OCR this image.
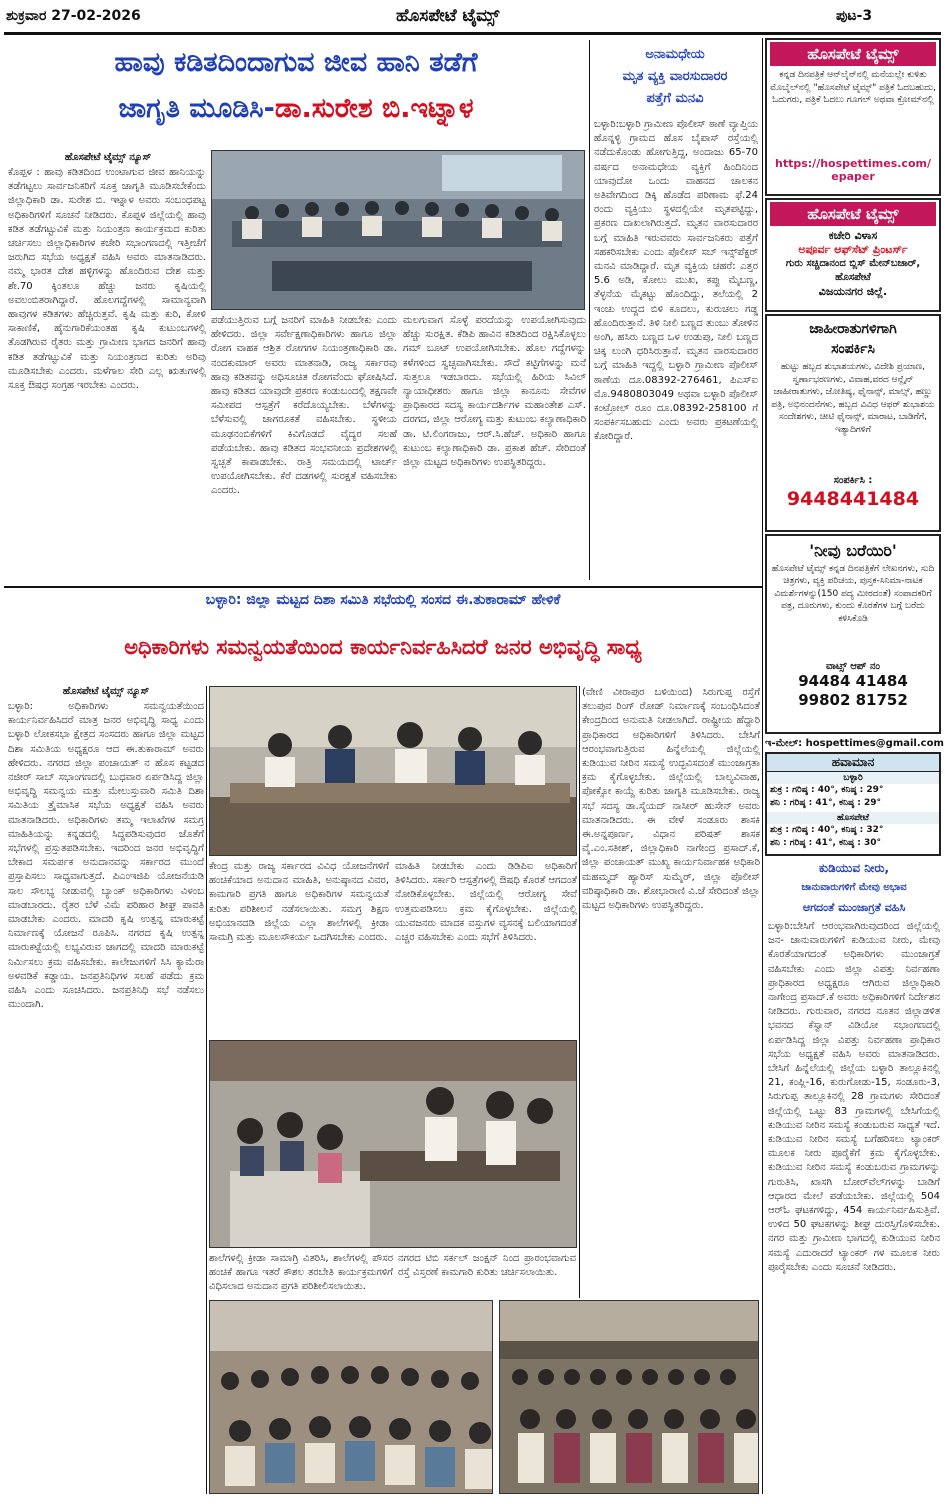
ಶುಕ್ರವಾರ 27-02-2026	ಹೊಸಪೇಟೆ ಟೈಮ್ಸ್	ಪುಟ-3
ಹಾವು ಕಡಿತದಿಂದಾಗುವ ಜೀವ ಹಾನಿ ತಡೆಗೆ
ಜಾಗೃತಿ ಮೂಡಿಸಿ-ಡಾ.ಸುರೇಶ ಬಿ.ಇಟ್ನಾಳ
ಹೊಸಪೇಟೆ ಟೈಮ್ಸ್ ನ್ಯೂಸ್
ಕೊಪ್ಪಳ : ಹಾವು ಕಡಿತದಿಂದ ಉಂಟಾಗುವ ಜೀವ ಹಾನಿಯನ್ನು ತಡೆಗಟ್ಟಲು ಸಾರ್ವಜನಿಕರಿಗೆ ಸೂಕ್ತ ಜಾಗೃತಿ ಮೂಡಿಸಬೇಕೆಂದು ಜಿಲ್ಲಾಧಿಕಾರಿ ಡಾ. ಸುರೇಶ ಬಿ. ಇಟ್ನಾಳ ಅವರು ಸಂಬಂಧಪಟ್ಟ ಅಧಿಕಾರಿಗಳಿಗೆ ಸೂಚನೆ ನೀಡಿದರು. ಕೊಪ್ಪಳ ಜಿಲ್ಲೆಯಲ್ಲಿ ಹಾವು ಕಡಿತ ತಡೆಗಟ್ಟುವಿಕೆ ಮತ್ತು ನಿಯಂತ್ರಣ ಕಾರ್ಯಕ್ರಮದ ಕುರಿತು ಚರ್ಚಿಸಲು ಜಿಲ್ಲಾಧಿಕಾರಿಗಳ ಕಚೇರಿ ಸಭಾಂಗಣದಲ್ಲಿ ಇತ್ತೀಚೆಗೆ ಜರುಗಿದ ಸಭೆಯ ಅಧ್ಯಕ್ಷತೆ ವಹಿಸಿ ಅವರು ಮಾತನಾಡಿದರು. ನಮ್ಮ ಭಾರತ ದೇಶ ಹಳ್ಳಿಗಳನ್ನು ಹೊಂದಿರುವ ದೇಶ ಮತ್ತು ಶೇ.70 ಕ್ಕಿಂತಲೂ ಹೆಚ್ಚು ಜನರು ಕೃಷಿಯಲ್ಲಿ ಅವಲಂಬಿತರಾಗಿದ್ದಾರೆ. ಹೊಲಗದ್ದೆಗಳಲ್ಲಿ ಸಾಮಾನ್ಯವಾಗಿ ಹಾವುಗಳ ಕಡಿತಗಳು ಹೆಚ್ಚಿರುತ್ತವೆ. ಕೃಷಿ ಮತ್ತು ಕುರಿ, ಕೋಳಿ ಸಾಕಾಣಿಕೆ, ಹೈನುಗಾರಿಕೆಯಂತಹ ಕೃಷಿ ಕುಟುಂಬಗಳಲ್ಲಿ ತೊಡಗಿರುವ ರೈತರು ಮತ್ತು ಗ್ರಾಮೀಣ ಭಾಗದ ಜನರಿಗೆ ಹಾವು ಕಡಿತ ತಡೆಗಟ್ಟುವಿಕೆ ಮತ್ತು ನಿಯಂತ್ರಣದ ಕುರಿತು ಅರಿವು ಮೂಡಿಸಬೇಕು ಎಂದರು. ಮಳೆಗಾಲ ಸೇರಿ ಎಲ್ಲ ಋತುಗಳಲ್ಲಿ ಸೂಕ್ತ ಔಷಧ ಸಂಗ್ರಹ ಇರಬೇಕು ಎಂದರು.
ಪಡೆಯುತ್ತಿರುವ ಬಗ್ಗೆ ಜನರಿಗೆ ಮಾಹಿತಿ ನೀಡಬೇಕು ಎಂದು ಹೇಳಿದರು. ಜಿಲ್ಲಾ ಸರ್ವೇಕ್ಷಣಾಧಿಕಾರಿಗಳು ಹಾಗೂ ಜಿಲ್ಲಾ ರೋಗ ವಾಹಕ ಆಶ್ರಿತ ರೋಗಗಳ ನಿಯಂತ್ರಣಾಧಿಕಾರಿ ಡಾ. ನಂದಕುಮಾರ್ ಅವರು ಮಾತನಾಡಿ, ರಾಜ್ಯ ಸರ್ಕಾರವು ಹಾವು ಕಡಿತವನ್ನು ಅಧಿಸೂಚಿತ ರೋಗವೆಂದು ಘೋಷಿಸಿದೆ. ಹಾವು ಕಡಿತದ ಯಾವುದೇ ಪ್ರಕರಣ ಕಂಡುಬಂದಲ್ಲಿ ತಕ್ಷಣವೇ ಸಮೀಪದ ಆಸ್ಪತ್ರೆಗೆ ಕರೆದೊಯ್ಯಬೇಕು. ಬೆಳೆಗಳನ್ನು ಬೆಳೆಸುವಲ್ಲಿ ಜಾಗರೂಕತೆ ವಹಿಸಬೇಕು. ಸ್ಥಳೀಯ ಮೂಢನಂಬಿಕೆಗಳಿಗೆ ಕಿವಿಗೊಡದೆ ವೈದ್ಯರ ಸಲಹೆ ಪಡೆಯಬೇಕು. ಹಾವು ಕಡಿತದ ಸಂಭವನೀಯ ಪ್ರದೇಶಗಳಲ್ಲಿ ಸ್ವಚ್ಛತೆ ಕಾಪಾಡಬೇಕು. ರಾತ್ರಿ ಸಮಯದಲ್ಲಿ ಟಾರ್ಚ್ ಉಪಯೋಗಿಸಬೇಕು. ಕೆರೆ ದಡಗಳಲ್ಲಿ ಸುರಕ್ಷತೆ ವಹಿಸಬೇಕು ಎಂದರು.
ಮಲಗುವಾಗ ಸೊಳ್ಳೆ ಪರದೆಯನ್ನು ಉಪಯೋಗಿಸುವುದು ಹೆಚ್ಚು ಸುರಕ್ಷಿತ. ಕೆಡಿಪಿ ಹಾವಿನ ಕಡಿತದಿಂದ ರಕ್ಷಿಸಿಕೊಳ್ಳಲು ಗಮ್ ಬೂಟ್ ಉಪಯೋಗಿಸಬೇಕು. ಹೊಲ ಗದ್ದೆಗಳನ್ನು ಕಳೆಗಳಿಂದ ಸ್ವಚ್ಛವಾಗಿಸಬೇಕು. ಸೌದೆ ಕಟ್ಟಿಗೆಗಳನ್ನು ಮನೆ ಸುತ್ತಲೂ ಇಡಬಾರದು. ಸಭೆಯಲ್ಲಿ ಹಿರಿಯ ಸಿವಿಲ್ ನ್ಯಾಯಾಧೀಶರು ಹಾಗೂ ಜಿಲ್ಲಾ ಕಾನೂನು ಸೇವೆಗಳ ಪ್ರಾಧಿಕಾರದ ಸದಸ್ಯ ಕಾರ್ಯದರ್ಶಿಗಳ ಮಹಾಂತೇಶ ಎಸ್. ದರಗದ, ಜಿಲ್ಲಾ ಆರೋಗ್ಯ ಮತ್ತು ಕುಟುಂಬ ಕಲ್ಯಾಣಾಧಿಕಾರಿ ಡಾ. ಟಿ.ಲಿಂಗರಾಜು, ಆರ್.ಸಿ.ಹೆಚ್. ಅಧಿಕಾರಿ ಹಾಗೂ ಕುಟುಂಬ ಕಲ್ಯಾಣಾಧಿಕಾರಿ ಡಾ. ಪ್ರಕಾಶ ಹೆಚ್. ಸೇರಿದಂತೆ ಜಿಲ್ಲಾ ಮಟ್ಟದ ಅಧಿಕಾರಿಗಳು ಉಪಸ್ಥಿತರಿದ್ದರು.
ಅನಾಮಧೇಯ
ಮೃತ ವ್ಯಕ್ತಿ ವಾರಸುದಾರರ
ಪತ್ತೆಗೆ ಮನವಿ
ಬಳ್ಳಾರಿ:ಬಳ್ಳಾರಿ ಗ್ರಾಮೀಣ ಪೊಲೀಸ್ ಠಾಣೆ ವ್ಯಾಪ್ತಿಯ ಹೊನ್ನಳ್ಳಿ ಗ್ರಾಮದ ಹೊಸ ಬೈಪಾಸ್ ರಸ್ತೆಯಲ್ಲಿ ನಡೆದುಕೊಂಡು ಹೋಗುತ್ತಿದ್ದ, ಅಂದಾಜು 65-70 ವರ್ಷದ ಅನಾಮಧೇಯ ವ್ಯಕ್ತಿಗೆ ಹಿಂದಿನಿಂದ ಯಾವುದೋ ಒಂದು ವಾಹನದ ಚಾಲಕನ ಅತಿವೇಗದಿಂದ ಡಿಕ್ಕಿ ಹೊಡೆದ ಪರಿಣಾಮ ಫೆ.24 ರಂದು ವ್ಯಕ್ತಿಯು ಸ್ಥಳದಲ್ಲಿಯೇ ಮೃತಪಟ್ಟಿದ್ದು, ಪ್ರಕರಣ ದಾಖಲಾಗಿರುತ್ತದೆ. ಮೃತನ ವಾರಸುದಾರರ ಬಗ್ಗೆ ಮಾಹಿತಿ ಇರುವವರು ಸಾರ್ವಜನಿಕರು ಪತ್ತೆಗೆ ಸಹಕರಿಸಬೇಕು ಎಂದು ಪೊಲೀಸ್ ಸಬ್ ಇನ್ಸ್‌ಪೆಕ್ಟರ್ ಮನವಿ ಮಾಡಿದ್ದಾರೆ. ಮೃತ ವ್ಯಕ್ತಿಯ ಚಹರೆ: ಎತ್ತರ 5.6 ಅಡಿ, ಕೋಲು ಮುಖ, ಕಪ್ಪು ಮೈಬಣ್ಣ, ತೆಳ್ಳನೆಯ ಮೈಕಟ್ಟು ಹೊಂದಿದ್ದು, ತಲೆಯಲ್ಲಿ 2 ಇಂಚು ಉದ್ದದ ಬಿಳಿ ಕೂದಲು, ಕುರುಚಲು ಗಡ್ಡ ಹೊಂದಿರುತ್ತಾನೆ. ತಿಳಿ ನೀಲಿ ಬಣ್ಣದ ತುಂಬು ತೋಳಿನ ಅಂಗಿ, ಹಸಿರು ಬಣ್ಣದ ಒಳ ಉಡುಪು, ನೀಲಿ ಬಣ್ಣದ ಚಿಕ್ಕ ಲುಂಗಿ ಧರಿಸಿರುತ್ತಾನೆ. ಮೃತನ ವಾರಸುದಾರರ ಬಗ್ಗೆ ಮಾಹಿತಿ ಇದ್ದಲ್ಲಿ ಬಳ್ಳಾರಿ ಗ್ರಾಮೀಣ ಪೊಲೀಸ್ ಠಾಣೆಯ ದೂ.08392-276461, ಪಿಎಸ್‌ಐ ಮೊ.9480803049 ಅಥವಾ ಬಳ್ಳಾರಿ ಪೊಲೀಸ್ ಕಂಟ್ರೋಲ್ ರೂಂ ದೂ.08392-258100 ಗೆ ಸಂಪರ್ಕಿಸಬಹುದು ಎಂದು ಅವರು ಪ್ರಕಟಣೆಯಲ್ಲಿ ಕೋರಿದ್ದಾರೆ.
ಹೊಸಪೇಟೆ ಟೈಮ್ಸ್
ಕನ್ನಡ ದಿನಪತ್ರಿಕೆ ಆನ್‌ಲೈನ್‌ನಲ್ಲಿ ಮನೆಯಲ್ಲೇ ಕುಳಿತು ಮೊಬೈಲ್‌ನಲ್ಲಿ "ಹೊಸಪೇಟೆ ಟೈಮ್ಸ್" ಪತ್ರಿಕೆ ಓದಬಹುದು, ಓದುಗರು, ಪತ್ರಿಕೆ ಓದಲು ಗೂಗಲ್ ಅಥವಾ ಕ್ರೋಮ್‌ನಲ್ಲಿ
https://hospettimes.com/
epaper
ಹೊಸಪೇಟೆ ಟೈಮ್ಸ್
ಕಚೇರಿ ವಿಳಾಸ
ಅಪೂರ್ವ ಆಫ್‌ಸೆಟ್ ಪ್ರಿಂಟರ್ಸ್
ಗುರು ಸಚ್ಚಿದಾನಂದ ಬ್ಲಿಸ್ ಮೇನ್‌ಬಜಾರ್, ಹೊಸಪೇಟೆ
ವಿಜಯನಗರ ಜಿಲ್ಲೆ.
ಜಾಹೀರಾತುಗಳಿಗಾಗಿ
ಸಂಪರ್ಕಿಸಿ
ಹುಟ್ಟು ಹಬ್ಬದ ಶುಭಾಶಯಗಳು, ವಿದೇಶಿ ಪ್ರಯಾಣ, ಸ್ವರ್ಣಾಭರಣಗಳು, ವಿವಾಹ,ವರದ ಆನ್ಲೈನ್ ಜಾಹೀರಾತುಗಳು, ಜೋತಿಷ್ಯ, ಫೈನಾನ್ಸ್, ಮಾಲ್ಸ್, ಹಣ್ಣು ಪತ್ರಿ, ಅಭಿನಂದನೆಗಳು, ಹಬ್ಬದ ವಿವಿಧ ಆಫರ್ ಶುಭಾಶಯ ಸಂದೇಶಗಳು, ಚೀಟಿ ಫೈನಾನ್ಸ್, ಮಾರಾಟ, ಬಾಡಿಗೆಗೆ, ಇತ್ಯಾದಿಗಳಿಗೆ
ಸಂಪರ್ಕಿಸಿ :
9448441484
'ನೀವು ಬರೆಯಿರಿ'
ಹೊಸಪೇಟೆ ಟೈಮ್ಸ್ ಕನ್ನಡ ದಿನಪತ್ರಿಕೆಗೆ ಲೇಖನಗಳು, ಸುದಿ ಚಿತ್ರಗಳು, ವ್ಯಕ್ತಿ ಪರಿಚಯ, ಪುಸ್ತಕ-ಸಿನಿಮಾ-ನಾಟಕ ವಿಮರ್ಶೆಗಳನ್ನು(150 ಪದ್ಯ ಮೀರದಂತೆ) ಸಂಪಾದಕರಿಗೆ ಪತ್ರ, ದೂರುಗಳು, ಕುಂದು ಕೊರತೆಗಳ ಬಗ್ಗೆ ಬರೆದು ಕಳಿಸಿಕೊಡಿ
ವಾಟ್ಸ್ ಆಪ್ ನಂ
94484 41484
99802 81752
ಇ-ಮೇಲ್: hospettimes@gmail.com
ಹವಾಮಾನ
ಬಳ್ಳಾರಿ
ಶುಕ್ರ : ಗರಿಷ್ಠ : 40°, ಕನಿಷ್ಠ : 29°
ಶನಿ : ಗರಿಷ್ಠ : 41°, ಕನಿಷ್ಠ : 29°
ಹೊಸಪೇಟೆ
ಶುಕ್ರ : ಗರಿಷ್ಠ : 40°, ಕನಿಷ್ಠ : 32°
ಶನಿ : ಗರಿಷ್ಠ : 41°, ಕನಿಷ್ಠ : 30°
ಕುಡಿಯುವ ನೀರು,
ಜಾನುವಾರುಗಳಿಗೆ ಮೇವು ಅಭಾವ
ಆಗದಂತೆ ಮುಂಜಾಗ್ರತೆ ವಹಿಸಿ
ಬಳ್ಳಾರಿ:ಬೇಸಿಗೆ ಆರಂಭವಾಗಿರುವುದರಿಂದ ಜಿಲ್ಲೆಯಲ್ಲಿ ಜನ- ಜಾನುವಾರುಗಳಿಗೆ ಕುಡಿಯುವ ನೀರು, ಮೇವು ಕೊರತೆಯಾಗದಂತೆ ಅಧಿಕಾರಿಗಳು ಮುಂಜಾಗ್ರತೆ ವಹಿಸಬೇಕು ಎಂದು ಜಿಲ್ಲಾ ವಿಪತ್ತು ನಿರ್ವಹಣಾ ಪ್ರಾಧಿಕಾರದ ಅಧ್ಯಕ್ಷರೂ ಆಗಿರುವ ಜಿಲ್ಲಾಧಿಕಾರಿ ನಾಗೇಂದ್ರ ಪ್ರಸಾದ್.ಕೆ ಅವರು ಅಧಿಕಾರಿಗಳಿಗೆ ನಿರ್ದೇಶನ ನೀಡಿದರು. ಗುರುವಾರ, ನಗರದ ನೂತನ ಜಿಲ್ಲಾಡಳಿತ ಭವನದ ಕೆಸ್ವಾನ್ ವಿಡಿಯೋ ಸಭಾಂಗಣದಲ್ಲಿ ಏರ್ಪಡಿಸಿದ್ದ ಜಿಲ್ಲಾ ವಿಪತ್ತು ನಿರ್ವಹಣಾ ಪ್ರಾಧಿಕಾರ ಸಭೆಯ ಅಧ್ಯಕ್ಷತೆ ವಹಿಸಿ ಅವರು ಮಾತನಾಡಿದರು. ಬೇಸಿಗೆ ಹಿನ್ನೆಲೆಯಲ್ಲಿ ಜಿಲ್ಲೆಯ ಬಳ್ಳಾರಿ ತಾಲ್ಲೂಕಿನಲ್ಲಿ 21, ಕಂಪ್ಲಿ-16, ಕುರುಗೋಡು-15, ಸಂಡೂರು-3, ಸಿರುಗುಪ್ಪ ತಾಲ್ಲೂಕಿನಲ್ಲಿ 28 ಗ್ರಾಮಗಳು ಸೇರಿದಂತೆ ಜಿಲ್ಲೆಯಲ್ಲಿ ಒಟ್ಟು 83 ಗ್ರಾಮಗಳಲ್ಲಿ ಬೇಸಿಗೆಯಲ್ಲಿ ಕುಡಿಯುವ ನೀರಿನ ಸಮಸ್ಯೆ ಕಂಡುಬರುವ ಸಾಧ್ಯತೆ ಇದೆ. ಕುಡಿಯುವ ನೀರಿನ ಸಮಸ್ಯೆ ಬಗೆಹರಿಸಲು ಟ್ಯಾಂಕರ್ ಮೂಲಕ ನೀರು ಪೂರೈಕೆಗೆ ಕ್ರಮ ಕೈಗೊಳ್ಳಬೇಕು. ಕುಡಿಯುವ ನೀರಿನ ಸಮಸ್ಯೆ ಕಂಡುಬರುವ ಗ್ರಾಮಗಳನ್ನು ಗುರುತಿಸಿ, ಖಾಸಗಿ ಬೋರ್‌ವೆಲ್‌ಗಳನ್ನು ಬಾಡಿಗೆ ಆಧಾರದ ಮೇಲೆ ಪಡೆಯಬೇಕು. ಜಿಲ್ಲೆಯಲ್ಲಿ 504 ಆರ್‌ಓ ಘಟಕಗಳಿದ್ದು, 454 ಕಾರ್ಯನಿರ್ವಹಿಸುತ್ತಿವೆ. ಉಳಿದ 50 ಘಟಕಗಳನ್ನು ಶೀಘ್ರ ದುರಸ್ತಿಗೊಳಿಸಬೇಕು. ನಗರ ಮತ್ತು ಗ್ರಾಮೀಣ ಭಾಗದಲ್ಲಿ ಕುಡಿಯುವ ನೀರಿನ ಸಮಸ್ಯೆ ಎದುರಾದರೆ ಟ್ಯಾಂಕರ್ ಗಳ ಮೂಲಕ ನೀರು ಪೂರೈಸಬೇಕು ಎಂದು ಸೂಚನೆ ನೀಡಿದರು.
ಬಳ್ಳಾರಿ: ಜಿಲ್ಲಾ ಮಟ್ಟದ ದಿಶಾ ಸಮಿತಿ ಸಭೆಯಲ್ಲಿ ಸಂಸದ ಈ.ತುಕಾರಾಮ್ ಹೇಳಿಕೆ
ಅಧಿಕಾರಿಗಳು ಸಮನ್ವಯತೆಯಿಂದ ಕಾರ್ಯನಿರ್ವಹಿಸಿದರೆ ಜನರ ಅಭಿವೃದ್ಧಿ ಸಾಧ್ಯ
ಹೊಸಪೇಟೆ ಟೈಮ್ಸ್ ನ್ಯೂಸ್
ಬಳ್ಳಾರಿ: ಅಧಿಕಾರಿಗಳು ಸಮನ್ವಯತೆಯಿಂದ ಕಾರ್ಯನಿರ್ವಹಿಸಿದರೆ ಮಾತ್ರ ಜನರ ಅಭಿವೃದ್ಧಿ ಸಾಧ್ಯ ಎಂದು ಬಳ್ಳಾರಿ ಲೋಕಸಭಾ ಕ್ಷೇತ್ರದ ಸಂಸದರು ಹಾಗೂ ಜಿಲ್ಲಾ ಮಟ್ಟದ ದಿಶಾ ಸಮಿತಿಯ ಅಧ್ಯಕ್ಷರೂ ಆದ ಈ.ತುಕಾರಾಮ್ ಅವರು ಹೇಳಿದರು. ನಗರದ ಜಿಲ್ಲಾ ಪಂಚಾಯತ್ ನ ಹೊಸ ಕಟ್ಟಡದ ನಜೀರ್ ಸಾಬ್ ಸಭಾಂಗಣದಲ್ಲಿ ಬುಧವಾರ ಏರ್ಪಡಿಸಿದ್ದ ಜಿಲ್ಲಾ ಅಭಿವೃದ್ಧಿ ಸಮನ್ವಯ ಮತ್ತು ಮೇಲುಸ್ತುವಾರಿ ಸಮಿತಿ ದಿಶಾ ಸಮಿತಿಯ ತ್ರೈಮಾಸಿಕ ಸಭೆಯ ಅಧ್ಯಕ್ಷತೆ ವಹಿಸಿ ಅವರು ಮಾತನಾಡಿದರು. ಅಧಿಕಾರಿಗಳು ತಮ್ಮ ಇಲಾಖೆಗಳ ಸಮಗ್ರ ಮಾಹಿತಿಯನ್ನು ಕನ್ನಡದಲ್ಲಿ ಸಿದ್ಧಪಡಿಸುವುದರ ಜೊತೆಗೆ ಸಭೆಗಳಲ್ಲಿ ಪ್ರಸ್ತುತಪಡಿಸಬೇಕು. ಇದರಿಂದ ಜನರ ಅಭಿವೃದ್ಧಿಗೆ ಬೇಕಾದ ಸಮರ್ಪಕ ಅನುದಾನವನ್ನು ಸರ್ಕಾರದ ಮುಂದೆ ಪ್ರಸ್ತಾಪಿಸಲು ಸಾಧ್ಯವಾಗುತ್ತದೆ. ಪಿಎಂಇಜಿಪಿ ಯೋಜನೆಯಡಿ ಸಾಲ ಸೌಲಭ್ಯ ನೀಡುವಲ್ಲಿ ಬ್ಯಾಂಕ್ ಅಧಿಕಾರಿಗಳು ವಿಳಂಬ ಮಾಡಬಾರದು. ರೈತರ ಬೆಳೆ ವಿಮೆ ಪರಿಹಾರ ಶೀಘ್ರ ಪಾವತಿ ಮಾಡಬೇಕು ಎಂದರು. ಮಾದರಿ ಕೃಷಿ ಉತ್ಪನ್ನ ಮಾರುಕಟ್ಟೆ ನಿರ್ಮಾಣಕ್ಕೆ ಯೋಜನೆ ರೂಪಿಸಿ. ನಗರದ ಕೃಷಿ ಉತ್ಪನ್ನ ಮಾರುಕಟ್ಟೆಯಲ್ಲಿ ಲಭ್ಯವಿರುವ ಜಾಗದಲ್ಲಿ ಮಾದರಿ ಮಾರುಕಟ್ಟೆ ನಿರ್ಮಿಸಲು ಕ್ರಮ ವಹಿಸಬೇಕು. ಕಾಲೇಜುಗಳಿಗೆ ಸಿಸಿ ಕ್ಯಾಮೆರಾ ಅಳವಡಿಕೆ ಕಡ್ಡಾಯ. ಜನಪ್ರತಿನಿಧಿಗಳ ಸಲಹೆ ಪಡೆದು ಕ್ರಮ ವಹಿಸಿ ಎಂದು ಸೂಚಿಸಿದರು. ಜನಪ್ರತಿನಿಧಿ ಸಭೆ ನಡೆಸಲು ಮುಂದಾಗಿ.
ಕೇಂದ್ರ ಮತ್ತು ರಾಜ್ಯ ಸರ್ಕಾರದ ವಿವಿಧ ಯೋಜನೆಗಳಿಗೆ ಹಂಚಿಕೆಯಾದ ಅನುದಾನ ಮಾಹಿತಿ, ಅನುಷ್ಠಾನದ ವಿವರ, ಕಾಮಗಾರಿ ಪ್ರಗತಿ ಹಾಗೂ ಅಧಿಕಾರಿಗಳ ಸಮನ್ವಯತೆ ಕುರಿತು ಪರಿಶೀಲನೆ ನಡೆಸಲಾಯಿತು. ಸಮಗ್ರ ಶಿಕ್ಷಣ ಅಭಿಯಾನದಡಿ ಜಿಲ್ಲೆಯ ಎಲ್ಲಾ ಶಾಲೆಗಳಲ್ಲಿ ಕ್ರೀಡಾ ಸಾಮಗ್ರಿ ಮತ್ತು ಮೂಲಸೌಕರ್ಯ ಒದಗಿಸಬೇಕು ಎಂದರು.
ಮಾಹಿತಿ ನೀಡಬೇಕು ಎಂದು ಡಿಡಿಪಿಐ ಅಧಿಕಾರಿಗೆ ತಿಳಿಸಿದರು. ಸರ್ಕಾರಿ ಆಸ್ಪತ್ರೆಗಳಲ್ಲಿ ಔಷಧಿ ಕೊರತೆ ಆಗದಂತೆ ನೋಡಿಕೊಳ್ಳಬೇಕು. ಜಿಲ್ಲೆಯಲ್ಲಿ ಆರೋಗ್ಯ ಸೇವೆ ಉತ್ತಮಪಡಿಸಲು ಕ್ರಮ ಕೈಗೊಳ್ಳಬೇಕು. ಜಿಲ್ಲೆಯಲ್ಲಿ ಯುವಜನರು ಮಾದಕ ವಸ್ತುಗಳ ವ್ಯಸನಕ್ಕೆ ಬಲಿಯಾಗದಂತೆ ಎಚ್ಚರ ವಹಿಸಬೇಕು ಎಂದು ಸಭೆಗೆ ತಿಳಿಸಿದರು.
ಶಾಲೆಗಳಲ್ಲಿ ಕ್ರೀಡಾ ಸಾಮಾಗ್ರಿ ವಿತರಿಸಿ, ಶಾಲೆಗಳಲ್ಲಿ ಪೌಸರ ಹಂಚಿಕೆ ಹಾಗೂ ಇತರೆ ಕೌಶಲ ತರಬೇತಿ ಕಾರ್ಯಕ್ರಮಗಳಿಗೆ ವಿಧಿಸಲಾದ ಅನುದಾನ ಪ್ರಗತಿ ಪರಿಶೀಲಿಸಲಾಯಿತು.
ನಗರದ ಟಿಬಿ ಸರ್ಕಲ್ ಜಂಕ್ಷನ್ ನಿಂದ ಪ್ರಾರಂಭವಾಗುವ ರಸ್ತೆ ವಿಸ್ತರಣೆ ಕಾಮಗಾರಿ ಕುರಿತು ಚರ್ಚಿಸಲಾಯಿತು.
(ವೇಣಿ ವೀರಾಪುರ ಬಳಿಯಿಂದ) ಸಿರುಗುಪ್ಪ ರಸ್ತೆಗೆ ತಲುಪುವ ರಿಂಗ್ ರೋಡ್ ನಿರ್ಮಾಣಕ್ಕೆ ಸಂಬಂಧಿಸಿದಂತೆ ಕೇಂದ್ರದಿಂದ ಅನುಮತಿ ನೀಡಲಾಗಿದೆ. ರಾಷ್ಟ್ರೀಯ ಹೆದ್ದಾರಿ ಪ್ರಾಧಿಕಾರದ ಅಧಿಕಾರಿಗಳಿಗೆ ತಿಳಿಸಿದರು. ಬೇಸಿಗೆ ಆರಂಭವಾಗುತ್ತಿರುವ ಹಿನ್ನೆಲೆಯಲ್ಲಿ ಜಿಲ್ಲೆಯಲ್ಲಿ ಕುಡಿಯುವ ನೀರಿನ ಸಮಸ್ಯೆ ಉದ್ಭವಿಸದಂತೆ ಮುಂಜಾಗ್ರತಾ ಕ್ರಮ ಕೈಗೊಳ್ಳಬೇಕು. ಜಿಲ್ಲೆಯಲ್ಲಿ ಬಾಲ್ಯವಿವಾಹ, ಪೋಕ್ಸೋ ಕಾಯ್ದೆ ಕುರಿತು ಜಾಗೃತಿ ಮೂಡಿಸಬೇಕು. ರಾಜ್ಯ ಸಭೆ ಸದಸ್ಯ ಡಾ.ಸೈಯದ್ ನಾಸೀರ್ ಹುಸೇನ್ ಅವರು ಮಾತನಾಡಿದರು. ಈ ವೇಳೆ ಸಂಡೂರು ಶಾಸಕಿ ಈ.ಅನ್ನಪೂರ್ಣ, ವಿಧಾನ ಪರಿಷತ್ ಶಾಸಕ ವೈ.ಎಂ.ಸತೀಶ್, ಜಿಲ್ಲಾಧಿಕಾರಿ ನಾಗೇಂದ್ರ ಪ್ರಸಾದ್.ಕೆ, ಜಿಲ್ಲಾ ಪಂಚಾಯತ್ ಮುಖ್ಯ ಕಾರ್ಯನಿರ್ವಾಹಕ ಅಧಿಕಾರಿ ಮಹಮ್ಮದ್ ಹ್ಯಾರಿಸ್ ಸುಮೈರ್, ಜಿಲ್ಲಾ ಪೊಲೀಸ್ ವರಿಷ್ಠಾಧಿಕಾರಿ ಡಾ. ಶೋಭಾರಾಣಿ ವಿ.ಜೆ ಸೇರಿದಂತೆ ಜಿಲ್ಲಾ ಮಟ್ಟದ ಅಧಿಕಾರಿಗಳು ಉಪಸ್ಥಿತರಿದ್ದರು.
